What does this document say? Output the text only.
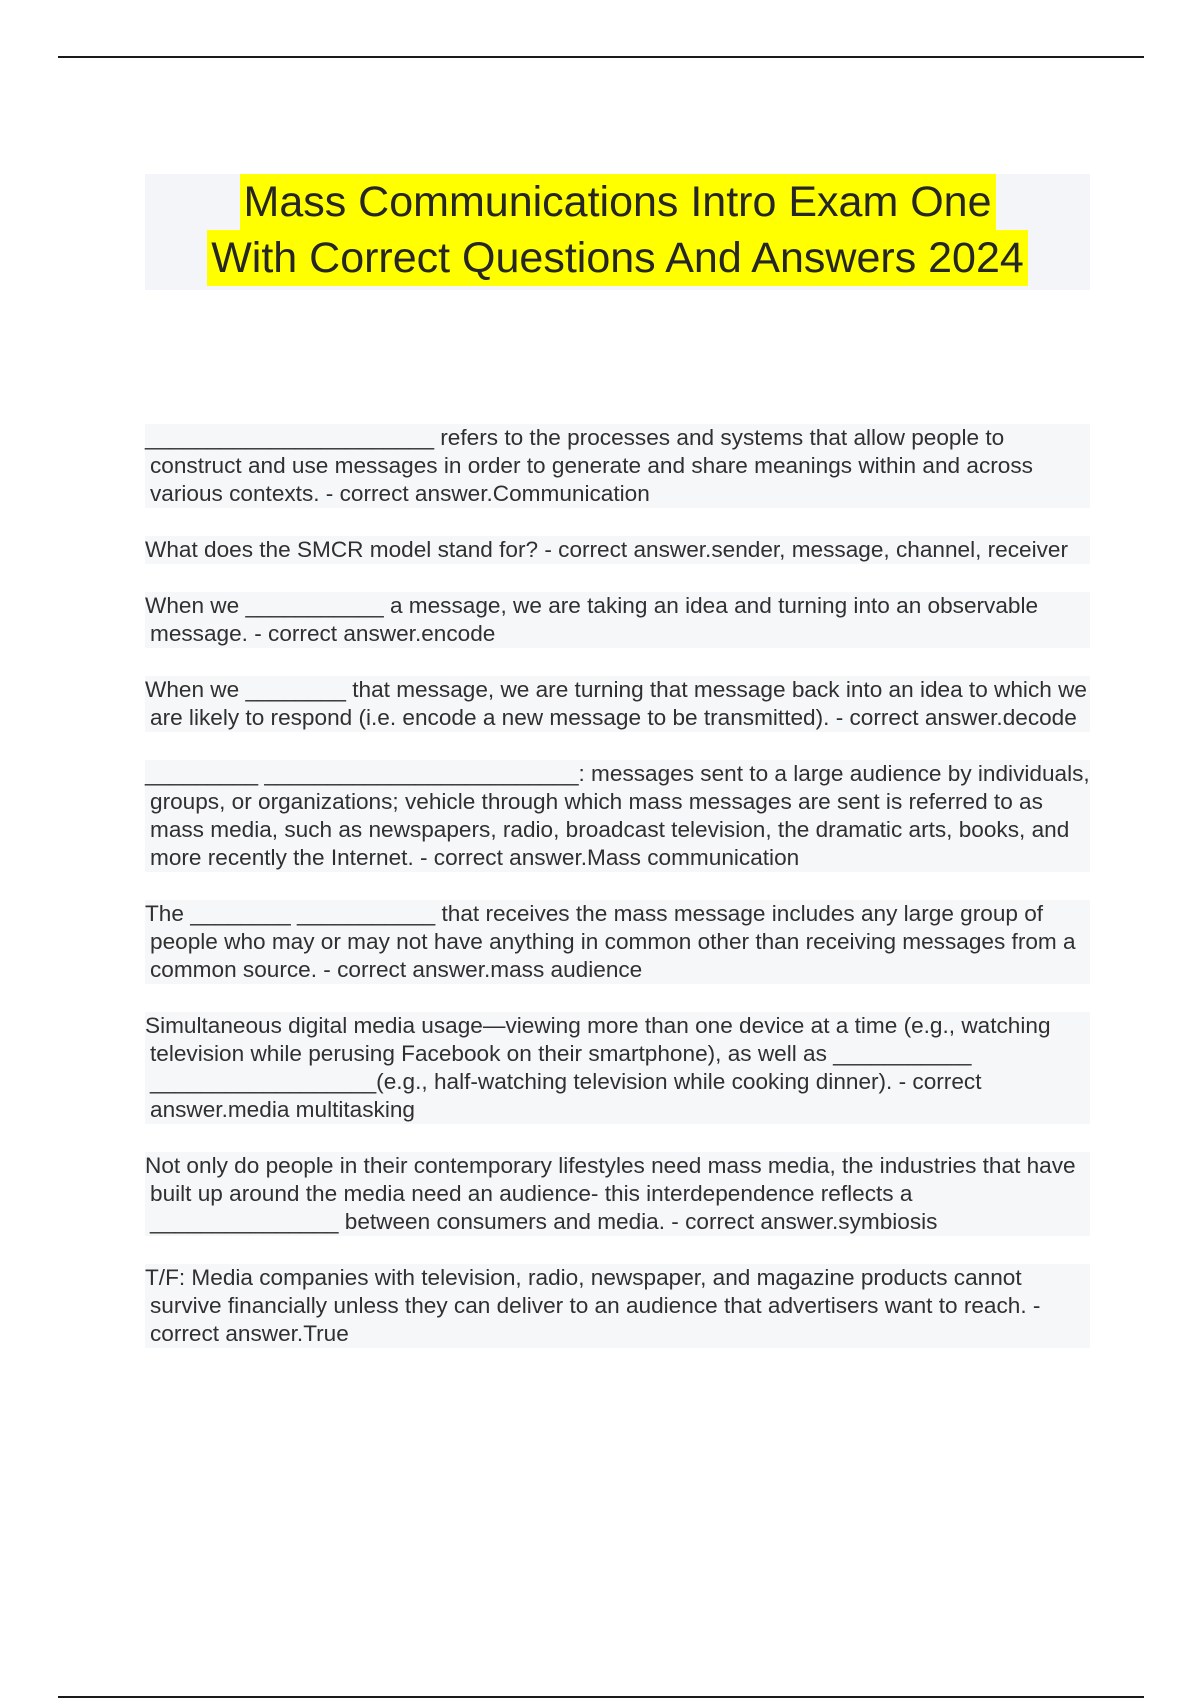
Mass Communications Intro Exam One
With Correct Questions And Answers 2024
_______________________ refers to the processes and systems that allow people to construct and use messages in order to generate and share meanings within and across various contexts. - correct answer.Communication
What does the SMCR model stand for? - correct answer.sender, message, channel, receiver
When we ___________ a message, we are taking an idea and turning into an observable message. - correct answer.encode
When we ________ that message, we are turning that message back into an idea to which we are likely to respond (i.e. encode a new message to be transmitted). - correct answer.decode
_________ _________________________: messages sent to a large audience by individuals, groups, or organizations; vehicle through which mass messages are sent is referred to as mass media, such as newspapers, radio, broadcast television, the dramatic arts, books, and more recently the Internet. - correct answer.Mass communication
The ________ ___________ that receives the mass message includes any large group of people who may or may not have anything in common other than receiving messages from a common source. - correct answer.mass audience
Simultaneous digital media usage—viewing more than one device at a time (e.g., watching television while perusing Facebook on their smartphone), as well as ___________ __________________(e.g., half-watching television while cooking dinner). - correct answer.media multitasking
Not only do people in their contemporary lifestyles need mass media, the industries that have built up around the media need an audience- this interdependence reflects a _______________ between consumers and media. - correct answer.symbiosis
T/F: Media companies with television, radio, newspaper, and magazine products cannot survive financially unless they can deliver to an audience that advertisers want to reach. - correct answer.True
